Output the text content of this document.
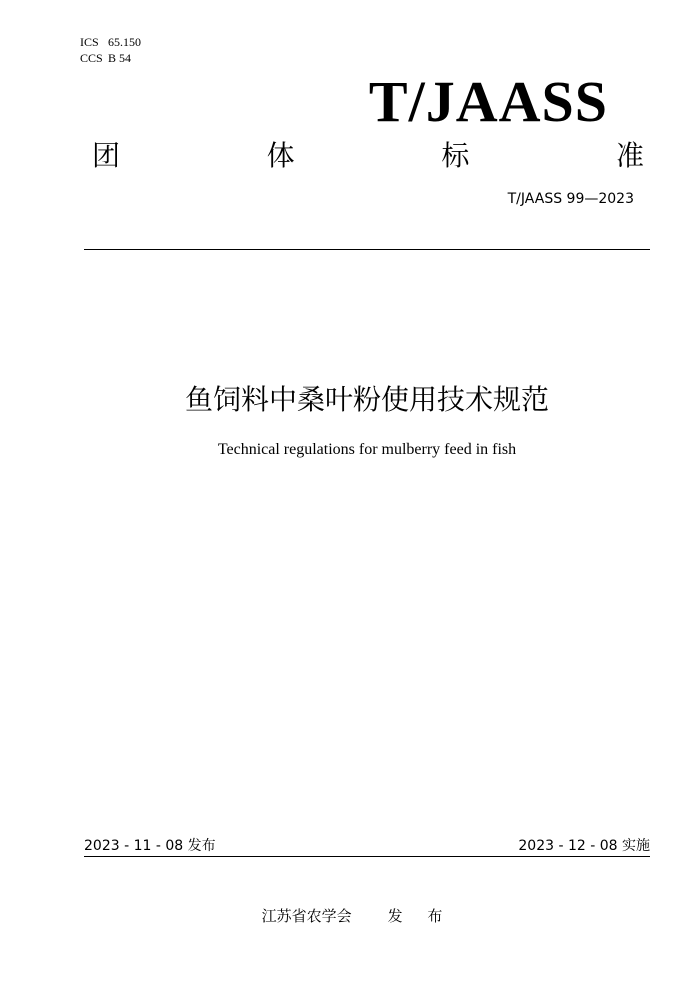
ICS 65.150
CCS B 54
T/JAASS
团	体	标	准
T/JAASS 99—2023
鱼饲料中桑叶粉使用技术规范
Technical regulations for mulberry feed in fish
2023 - 11 - 08 发布	2023 - 12 - 08 实施
江苏省农学会 发 布
